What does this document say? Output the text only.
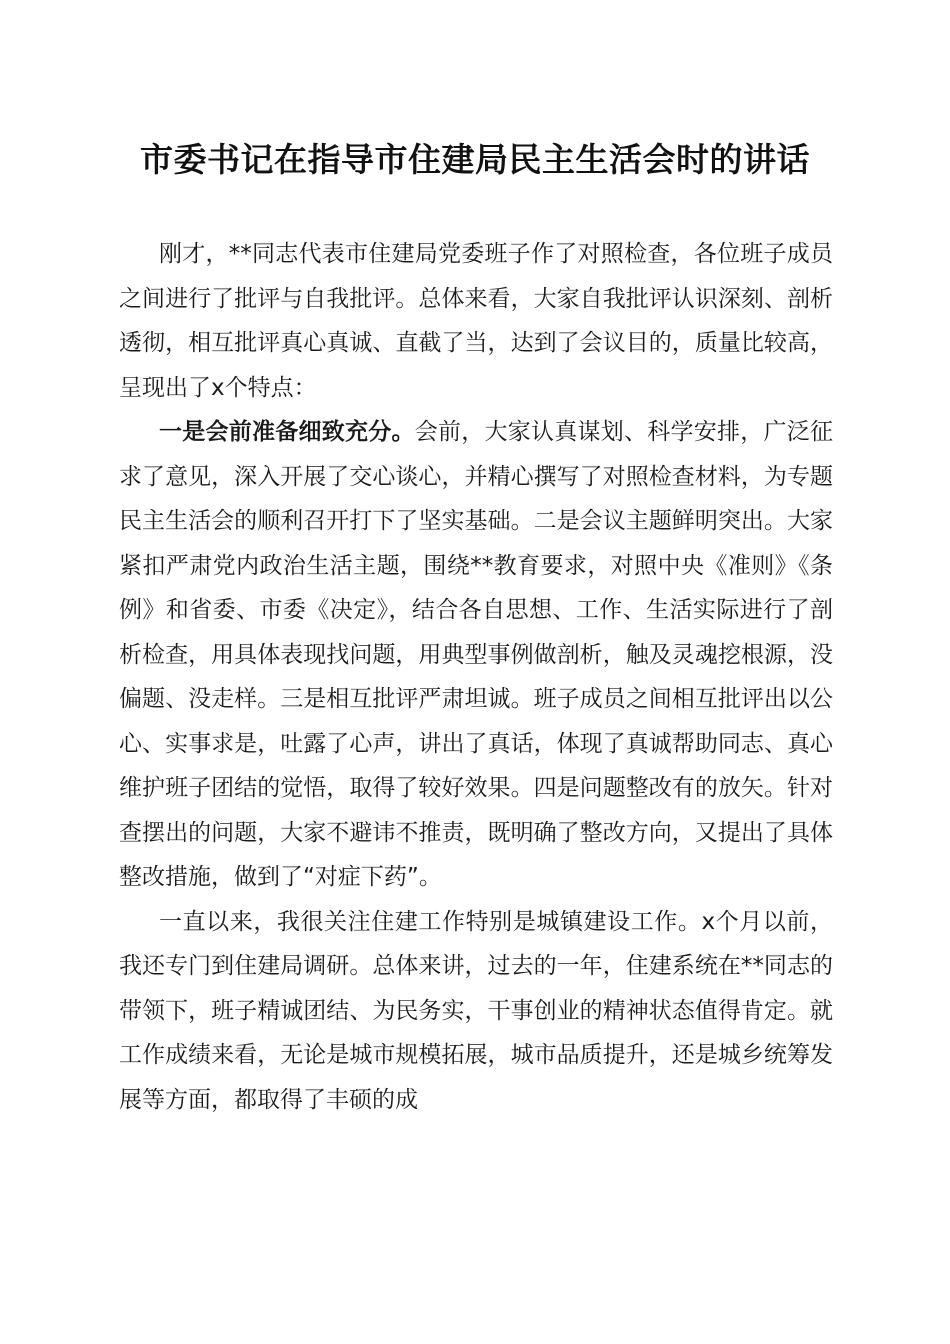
市委书记在指导市住建局民主生活会时的讲话

刚才，**同志代表市住建局党委班子作了对照检查，各位班子成员之间进行了批评与自我批评。总体来看，大家自我批评认识深刻、剖析透彻，相互批评真心真诚、直截了当，达到了会议目的，质量比较高，呈现出了x个特点：

一是会前准备细致充分。会前，大家认真谋划、科学安排，广泛征求了意见，深入开展了交心谈心，并精心撰写了对照检查材料，为专题民主生活会的顺利召开打下了坚实基础。二是会议主题鲜明突出。大家紧扣严肃党内政治生活主题，围绕**教育要求，对照中央《准则》《条例》和省委、市委《决定》，结合各自思想、工作、生活实际进行了剖析检查，用具体表现找问题，用典型事例做剖析，触及灵魂挖根源，没偏题、没走样。三是相互批评严肃坦诚。班子成员之间相互批评出以公心、实事求是，吐露了心声，讲出了真话，体现了真诚帮助同志、真心维护班子团结的觉悟，取得了较好效果。四是问题整改有的放矢。针对查摆出的问题，大家不避讳不推责，既明确了整改方向，又提出了具体整改措施，做到了“对症下药”。

一直以来，我很关注住建工作特别是城镇建设工作。x个月以前，我还专门到住建局调研。总体来讲，过去的一年，住建系统在**同志的带领下，班子精诚团结、为民务实，干事创业的精神状态值得肯定。就工作成绩来看，无论是城市规模拓展，城市品质提升，还是城乡统筹发展等方面，都取得了丰硕的成
